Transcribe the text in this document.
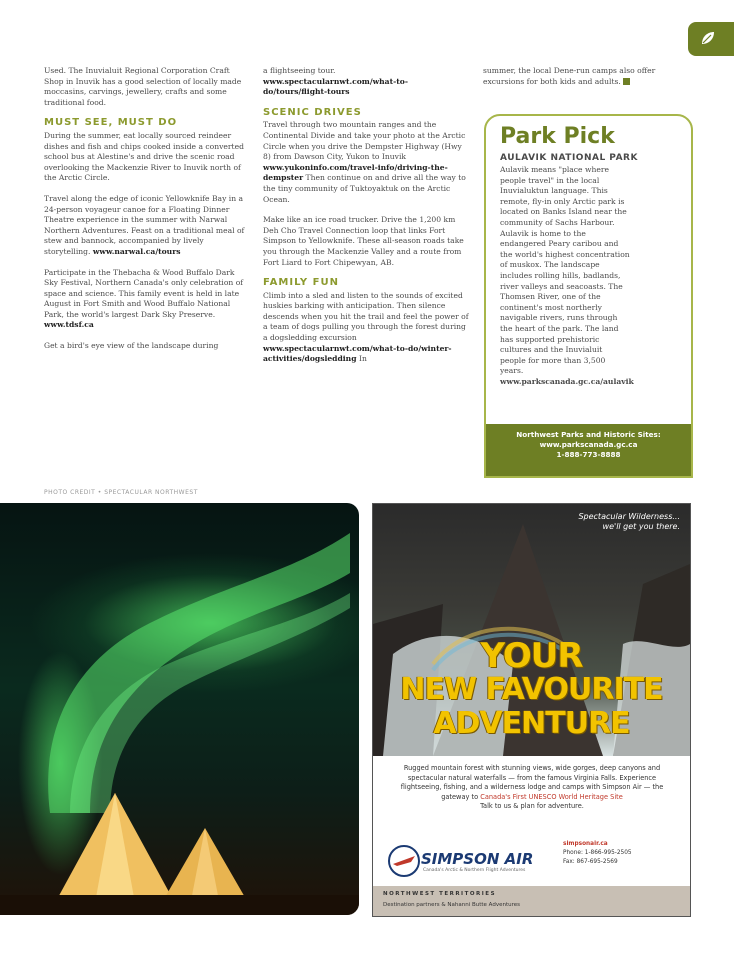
Used. The Inuvialuit Regional Corporation Craft Shop in Inuvik has a good selection of locally made moccasins, carvings, jewellery, crafts and some traditional food.

MUST SEE, MUST DO

During the summer, eat locally sourced reindeer dishes and fish and chips cooked inside a converted school bus at Alestine's and drive the scenic road overlooking the Mackenzie River to Inuvik north of the Arctic Circle.

Travel along the edge of iconic Yellowknife Bay in a 24-person voyageur canoe for a Floating Dinner Theatre experience in the summer with Narwal Northern Adventures. Feast on a traditional meal of stew and bannock, accompanied by lively storytelling. www.narwal.ca/tours

Participate in the Thebacha & Wood Buffalo Dark Sky Festival, Northern Canada's only celebration of space and science. This family event is held in late August in Fort Smith and Wood Buffalo National Park, the world's largest Dark Sky Preserve. www.tdsf.ca

Get a bird's eye view of the landscape during

a flightseeing tour. www.spectacularnwt.com/what-to-do/tours/flight-tours

SCENIC DRIVES

Travel through two mountain ranges and the Continental Divide and take your photo at the Arctic Circle when you drive the Dempster Highway (Hwy 8) from Dawson City, Yukon to Inuvik www.yukoninfo.com/travel-info/driving-the-dempster Then continue on and drive all the way to the tiny community of Tuktoyaktuk on the Arctic Ocean.

Make like an ice road trucker. Drive the 1,200 km Deh Cho Travel Connection loop that links Fort Simpson to Yellowknife. These all-season roads take you through the Mackenzie Valley and a route from Fort Liard to Fort Chipewyan, AB.

FAMILY FUN

Climb into a sled and listen to the sounds of excited huskies barking with anticipation. Then silence descends when you hit the trail and feel the power of a team of dogs pulling you through the forest during a dogsledding excursion www.spectacularnwt.com/what-to-do/winter-activities/dogsledding In

summer, the local Dene-run camps also offer excursions for both kids and adults.

Park Pick
AULAVIK NATIONAL PARK
Aulavik means "place where people travel" in the local Inuvialuktun language. This remote, fly-in only Arctic park is located on Banks Island near the community of Sachs Harbour. Aulavik is home to the endangered Peary caribou and the world's highest concentration of muskox. The landscape includes rolling hills, badlands, river valleys and seacoasts. The Thomsen River, one of the continent's most northerly navigable rivers, runs through the heart of the park. The land has supported prehistoric cultures and the Inuvialuit people for more than 3,500 years. www.parkscanada.gc.ca/aulavik
Northwest Parks and Historic Sites:
www.parkscanada.gc.ca
1-888-773-8888
PHOTO CREDIT • SPECTACULAR NORTHWEST
Spectacular Wilderness...
we'll get you there.
YOUR
NEW FAVOURITE
ADVENTURE
Rugged mountain forest with stunning views, wide gorges, deep canyons and spectacular natural waterfalls — from the famous Virginia Falls. Experience flightseeing, fishing, and a wilderness lodge and camps with Simpson Air — the gateway to Canada's First UNESCO World Heritage Site
Talk to us & plan for adventure.
SIMPSON AIR
Canada's Arctic & Northern Flight Adventures
simpsonair.ca
Phone: 1-866-995-2505
Fax: 867-695-2569
NORTHWEST TERRITORIES
Destination partners & Nahanni Butte Adventures
